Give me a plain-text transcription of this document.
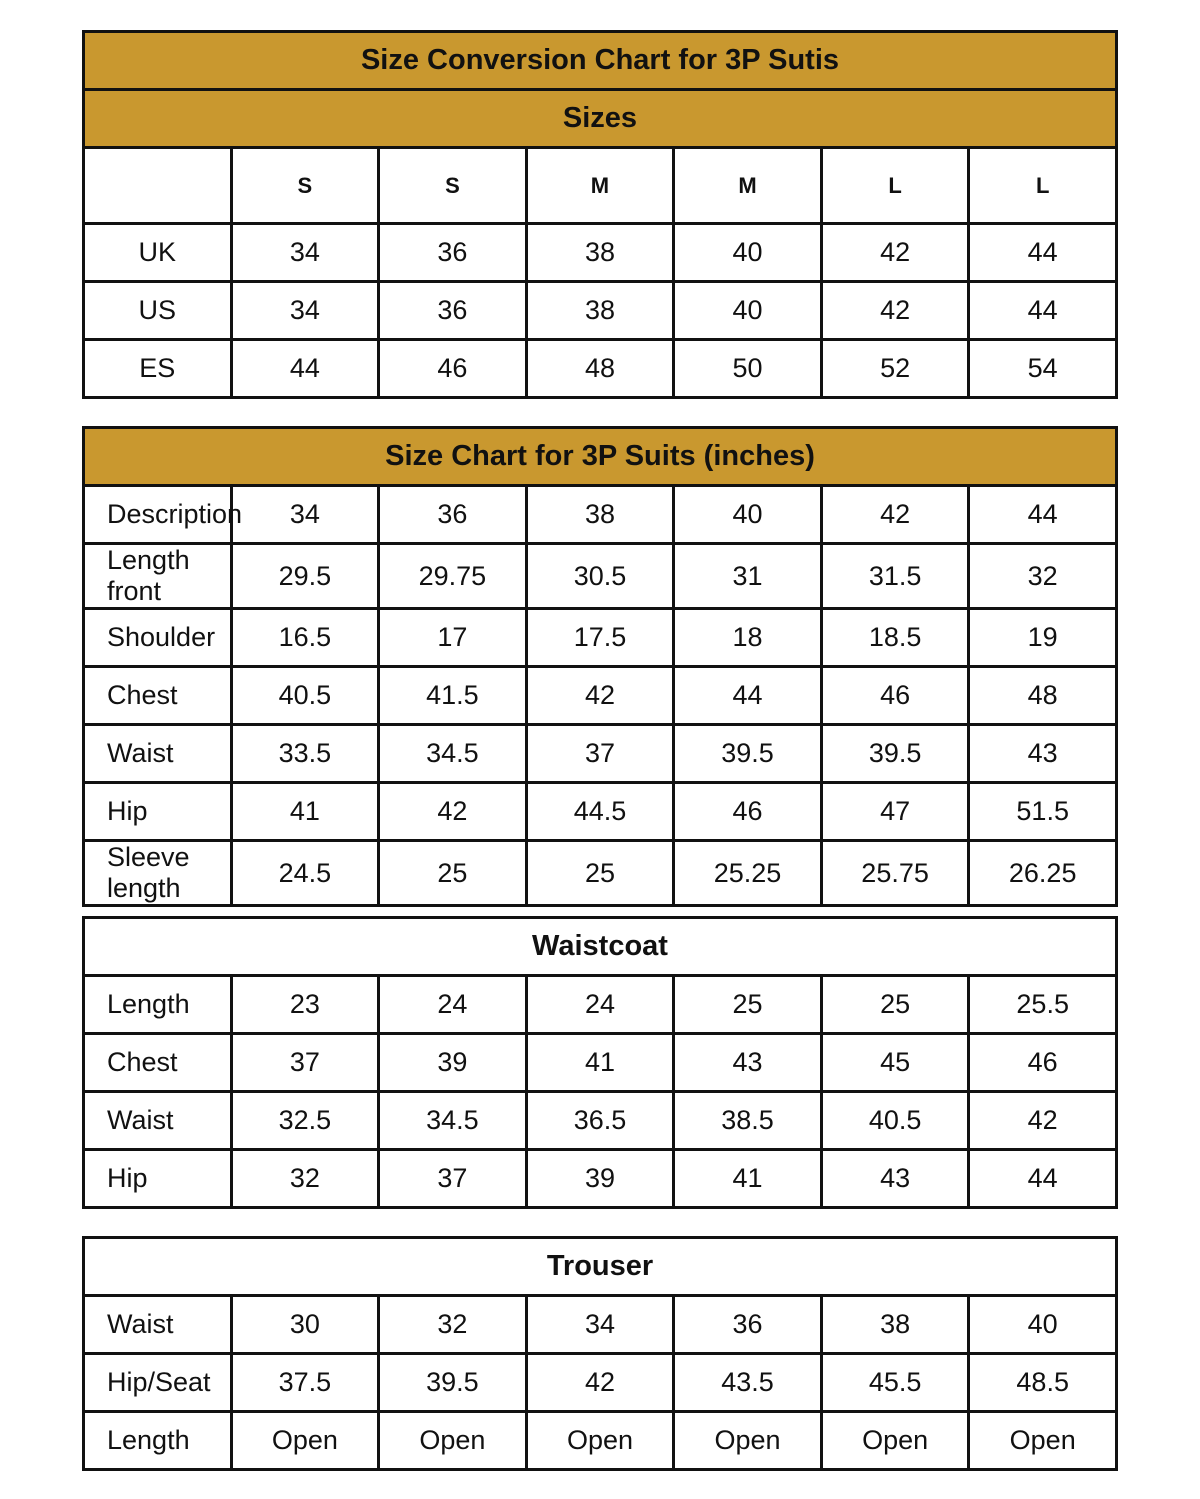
Size Conversion Chart for 3P Sutis						
Sizes						
	S	S	M	M	L	L
UK	34	36	38	40	42	44
US	34	36	38	40	42	44
ES	44	46	48	50	52	54
Size Chart for 3P Suits (inches)						
Description	34	36	38	40	42	44
Length front	29.5	29.75	30.5	31	31.5	32
Shoulder	16.5	17	17.5	18	18.5	19
Chest	40.5	41.5	42	44	46	48
Waist	33.5	34.5	37	39.5	39.5	43
Hip	41	42	44.5	46	47	51.5
Sleeve length	24.5	25	25	25.25	25.75	26.25
Waistcoat						
Length	23	24	24	25	25	25.5
Chest	37	39	41	43	45	46
Waist	32.5	34.5	36.5	38.5	40.5	42
Hip	32	37	39	41	43	44
Trouser						
Waist	30	32	34	36	38	40
Hip/Seat	37.5	39.5	42	43.5	45.5	48.5
Length	Open	Open	Open	Open	Open	Open
